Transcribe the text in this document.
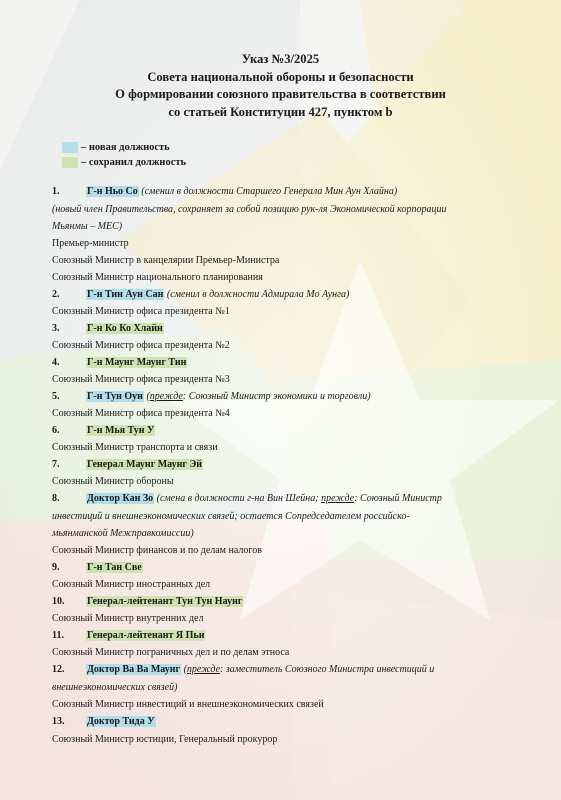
Указ №3/2025
Совета национальной обороны и безопасности
О формировании союзного правительства в соответствии
со статьей Конституции 427, пунктом b
– новая должность
– сохранил должность
1.	Г-н Ньо Со (сменил в должности Старшего Генерала Мин Аун Хлайна)
(новый член Правительства, сохраняет за собой позицию рук-ля Экономической корпорации
Мьянмы – MEC)
Премьер-министр
Союзный Министр в канцелярии Премьер-Министра
Союзный Министр национального планирования
2.	Г-н Тин Аун Сан (сменил в должности Адмирала Мо Аунга)
Союзный Министр офиса президента №1
3.	Г-н Ко Ко Хлайн
Союзный Министр офиса президента №2
4.	Г-н Маунг Маунг Тин
Союзный Министр офиса президента №3
5.	Г-н Тун Оун (прежде: Союзный Министр экономики и торговли)
Союзный Министр офиса президента №4
6.	Г-н Мья Тун У
Союзный Министр транспорта и связи
7.	Генерал Маунг Маунг Эй
Союзный Министр обороны
8.	Доктор Кан Зо (смена в должности г-на Вин Шейна; прежде: Союзный Министр
инвестиций и внешнеэкономических связей; остается Сопредседателем российско-
мьянманской Межправкомиссии)
Союзный Министр финансов и по делам налогов
9.	Г-н Тан Све
Союзный Министр иностранных дел
10. Генерал-лейтенант Тун Тун Наунг
Союзный Министр внутренних дел
11. Генерал-лейтенант Я Пьи
Союзный Министр пограничных дел и по делам этноса
12. Доктор Ва Ва Маунг (прежде: заместитель Союзного Министра инвестиций и
внешнеэкономических связей)
Союзный Министр инвестиций и внешнеэкономических связей
13. Доктор Тида У
Союзный Министр юстиции, Генеральный прокурор
